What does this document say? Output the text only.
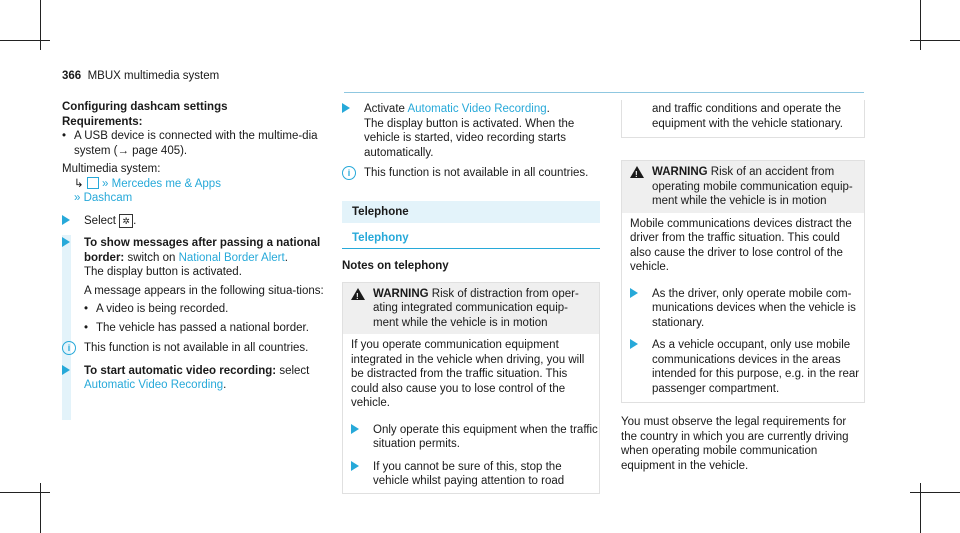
366 MBUX multimedia system
Configuring dashcam settings
Requirements:
• A USB device is connected with the multime-dia system (→ page 405).
Multimedia system:
↳ » Mercedes me & Apps
» Dashcam
Select ✲ .
To show messages after passing a national border: switch on National Border Alert.
The display button is activated.
A message appears in the following situa-tions:
• A video is being recorded.
• The vehicle has passed a national border.
i	This function is not available in all countries.
To start automatic video recording: select
Automatic Video Recording.
Activate Automatic Video Recording.
The display button is activated. When the vehicle is started, video recording starts automatically.
i	This function is not available in all countries.
Telephone
Telephony
Notes on telephony
!
WARNING Risk of distraction from oper-ating integrated communication equip-ment while the vehicle is in motion
If you operate communication equipment integrated in the vehicle when driving, you will be distracted from the traffic situation. This could also cause you to lose control of the vehicle.
Only operate this equipment when the traffic situation permits.
If you cannot be sure of this, stop the vehicle whilst paying attention to road
and traffic conditions and operate the equipment with the vehicle stationary.
!
WARNING Risk of an accident from operating mobile communication equip-ment while the vehicle is in motion
Mobile communications devices distract the driver from the traffic situation. This could also cause the driver to lose control of the vehicle.
As the driver, only operate mobile com-munications devices when the vehicle is stationary.
As a vehicle occupant, only use mobile communications devices in the areas intended for this purpose, e.g. in the rear passenger compartment.
You must observe the legal requirements for the country in which you are currently driving when operating mobile communication equipment in the vehicle.
